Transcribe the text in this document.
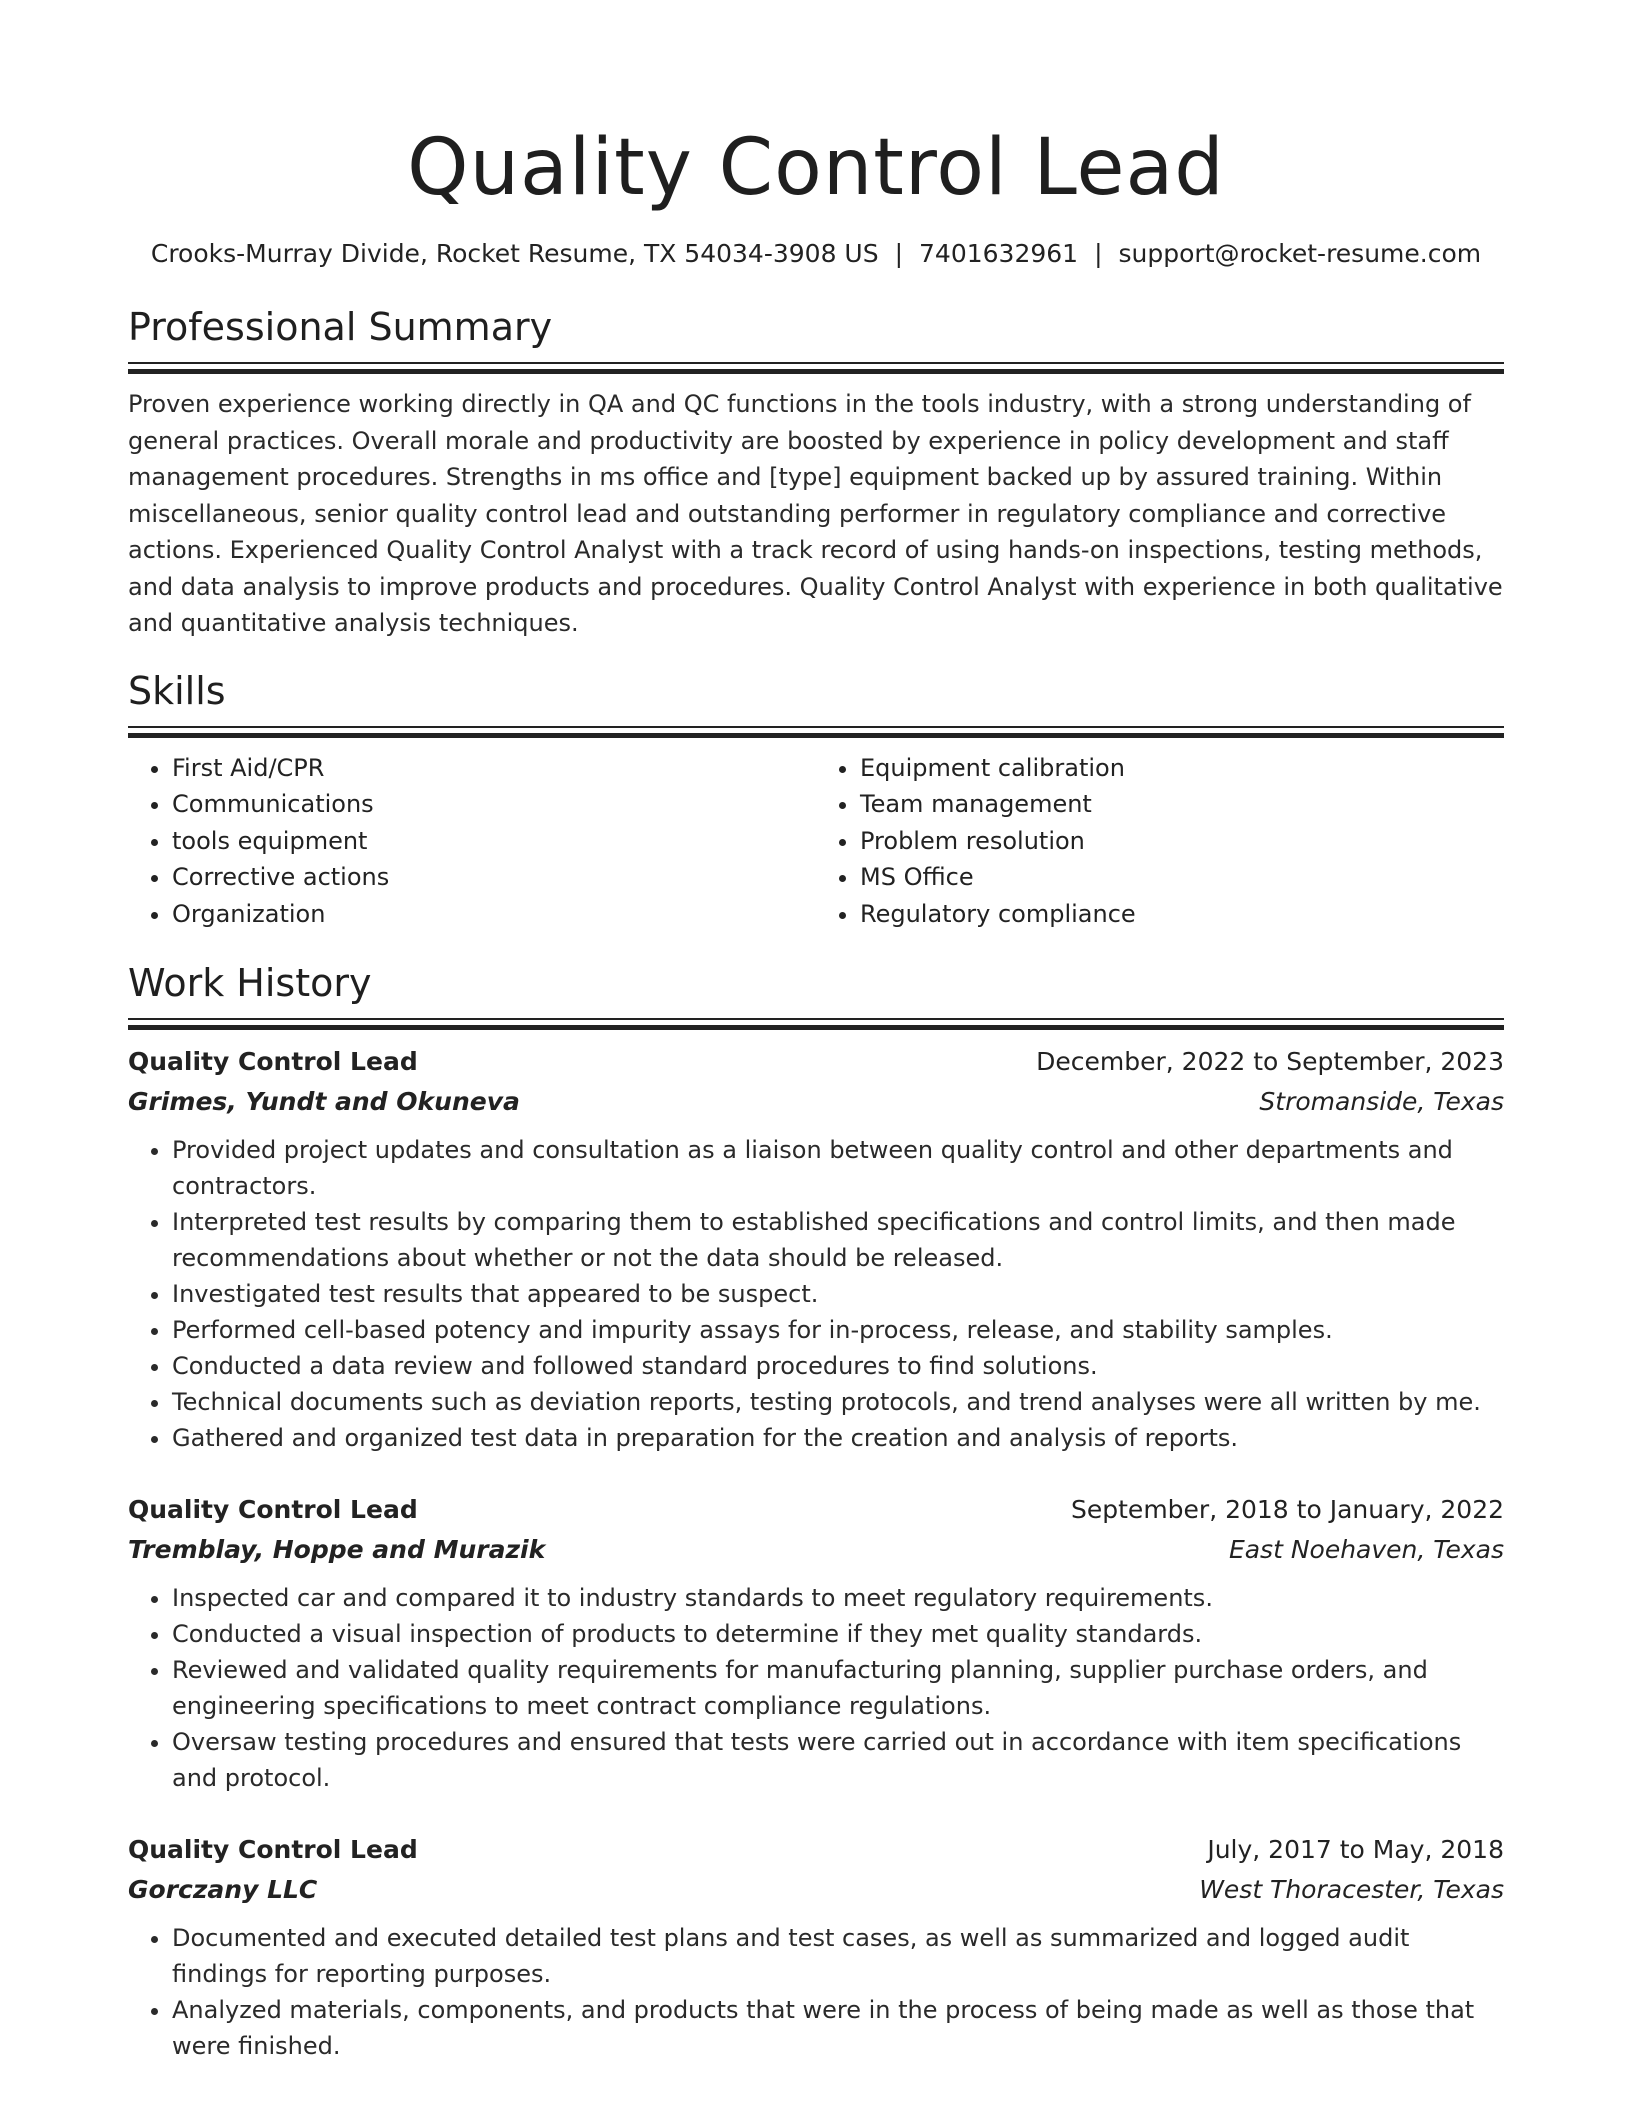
Quality Control Lead
Crooks-Murray Divide, Rocket Resume, TX 54034-3908 US | 7401632961 | support@rocket-resume.com
Professional Summary

Proven experience working directly in QA and QC functions in the tools industry, with a strong understanding of general practices. Overall morale and productivity are boosted by experience in policy development and staff management procedures. Strengths in ms office and [type] equipment backed up by assured training. Within miscellaneous, senior quality control lead and outstanding performer in regulatory compliance and corrective actions. Experienced Quality Control Analyst with a track record of using hands-on inspections, testing methods, and data analysis to improve products and procedures. Quality Control Analyst with experience in both qualitative and quantitative analysis techniques.

Skills
• First Aid/CPR
• Communications
• tools equipment
• Corrective actions
• Organization
• Equipment calibration
• Team management
• Problem resolution
• MS Office
• Regulatory compliance
Work History
Quality Control Lead	December, 2022 to September, 2023
Grimes, Yundt and Okuneva	Stromanside, Texas
• Provided project updates and consultation as a liaison between quality control and other departments and contractors.
• Interpreted test results by comparing them to established specifications and control limits, and then made recommendations about whether or not the data should be released.
• Investigated test results that appeared to be suspect.
• Performed cell-based potency and impurity assays for in-process, release, and stability samples.
• Conducted a data review and followed standard procedures to find solutions.
• Technical documents such as deviation reports, testing protocols, and trend analyses were all written by me.
• Gathered and organized test data in preparation for the creation and analysis of reports.
Quality Control Lead	September, 2018 to January, 2022
Tremblay, Hoppe and Murazik	East Noehaven, Texas
• Inspected car and compared it to industry standards to meet regulatory requirements.
• Conducted a visual inspection of products to determine if they met quality standards.
• Reviewed and validated quality requirements for manufacturing planning, supplier purchase orders, and engineering specifications to meet contract compliance regulations.
• Oversaw testing procedures and ensured that tests were carried out in accordance with item specifications and protocol.
Quality Control Lead	July, 2017 to May, 2018
Gorczany LLC	West Thoracester, Texas
• Documented and executed detailed test plans and test cases, as well as summarized and logged audit findings for reporting purposes.
• Analyzed materials, components, and products that were in the process of being made as well as those that were finished.
